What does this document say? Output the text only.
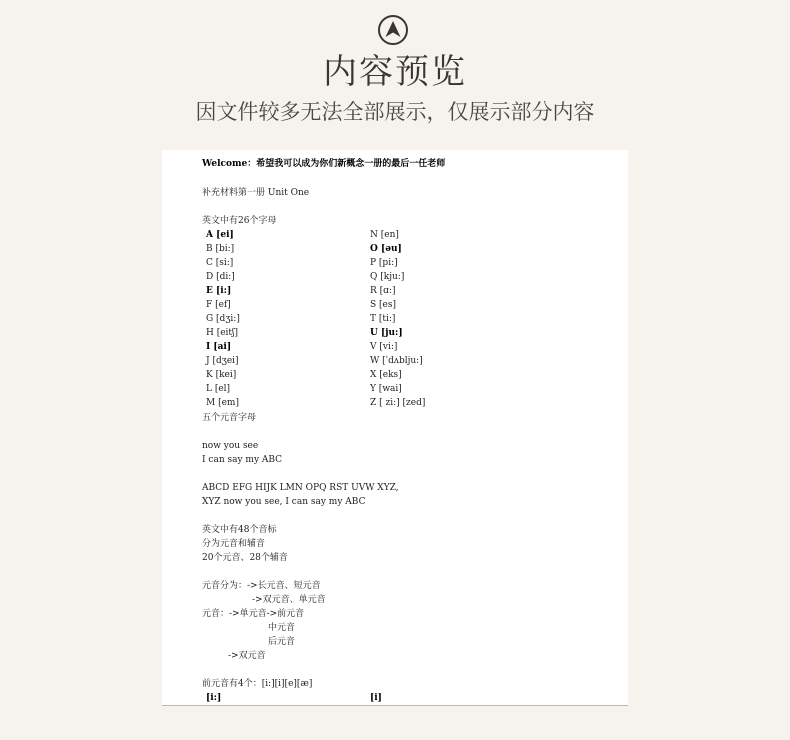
内容预览
因文件较多无法全部展示，仅展示部分内容
Welcome：希望我可以成为你们新概念一册的最后一任老师
补充材料第一册 Unit One
英文中有26个字母
A [ei]
B [bi:]
C [si:]
D [di:]
E [i:]
F [ef]
G [dʒi:]
H [eitʃ]
I [ai]
J [dʒei]
K [kei]
L [el]
M [em]
N [en]
O [əu]
P [pi:]
Q [kju:]
R [ɑ:]
S [es]
T [ti:]
U [ju:]
V [vi:]
W [ˈdʌblju:]
X [eks]
Y [wai]
Z [ zi:] [zed]
五个元音字母
now you see
I can say my ABC
ABCD EFG HIJK LMN OPQ RST UVW XYZ,
XYZ now you see, I can say my ABC
英文中有48个音标
分为元音和辅音
20个元音、28个辅音
元音分为：->长元音、短元音
->双元音、单元音
元音：->单元音->前元音
中元音
后元音
->双元音
前元音有4个：[i:][i][e][æ]
[i:]	[i]
